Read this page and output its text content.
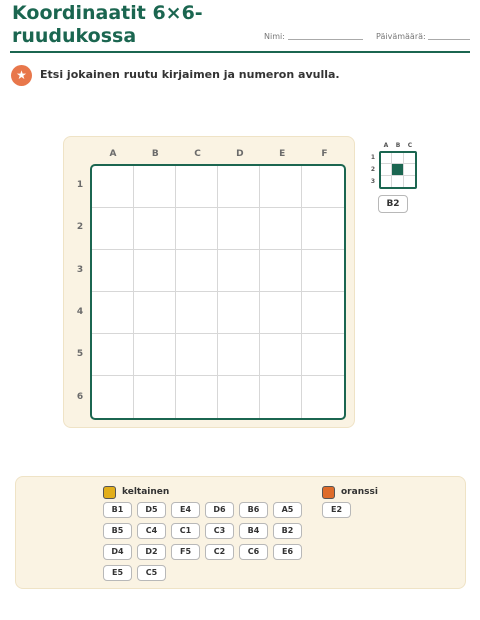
Koordinaatit 6×6-ruudukossa	Nimi:	Päivämäärä:
★	Etsi jokainen ruutu kirjaimen ja numeron avulla.
A	B	C	D	E	F
1
2
3
4
5
6
A	B	C
1
2
3
B2
keltainen
B1	D5	E4	D6	B6	A5
B5	C4	C1	C3	B4	B2
D4	D2	F5	C2	C6	E6
E5	C5
oranssi
E2
